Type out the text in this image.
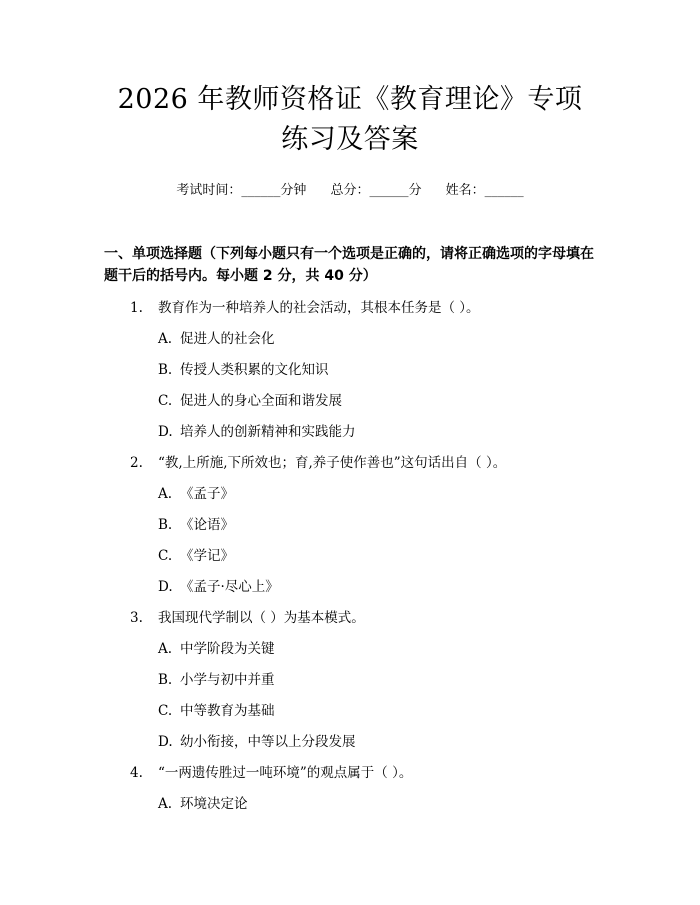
2026 年教师资格证《教育理论》专项练习及答案
考试时间：______分钟 总分：______分 姓名：______
一、单项选择题（下列每小题只有一个选项是正确的，请将正确选项的字母填在题干后的括号内。每小题 2 分，共 40 分）
1.	教育作为一种培养人的社会活动，其根本任务是（ ）。
A. 促进人的社会化
B. 传授人类积累的文化知识
C. 促进人的身心全面和谐发展
D. 培养人的创新精神和实践能力
2.	“教,上所施,下所效也；育,养子使作善也”这句话出自（ ）。
A. 《孟子》
B. 《论语》
C. 《学记》
D. 《孟子·尽心上》
3.	我国现代学制以（ ）为基本模式。
A. 中学阶段为关键
B. 小学与初中并重
C. 中等教育为基础
D. 幼小衔接，中等以上分段发展
4.	“一两遗传胜过一吨环境”的观点属于（ ）。
A. 环境决定论
